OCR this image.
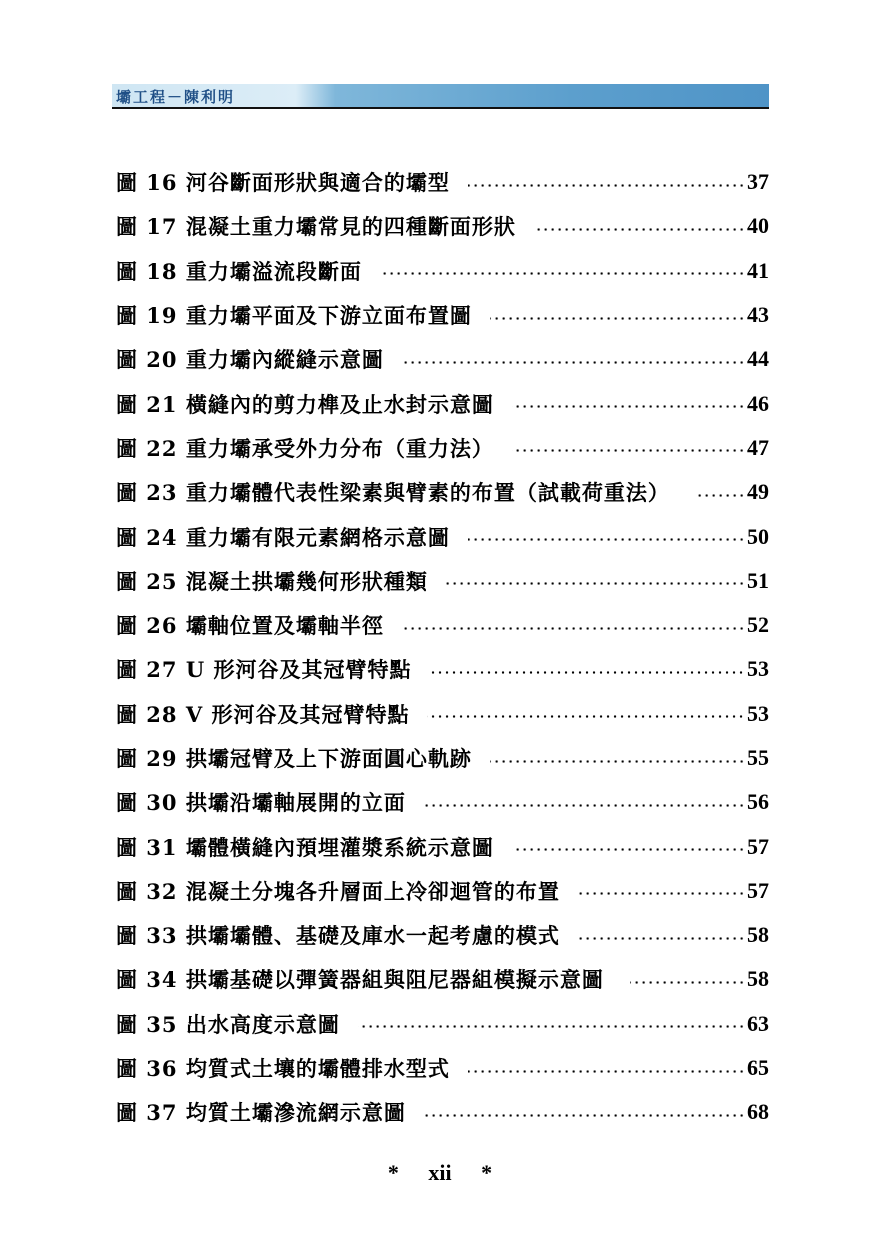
壩工程－陳利明
圖 16 河谷斷面形狀與適合的壩型	37
圖 17 混凝土重力壩常見的四種斷面形狀	40
圖 18 重力壩溢流段斷面	41
圖 19 重力壩平面及下游立面布置圖	43
圖 20 重力壩內縱縫示意圖	44
圖 21 橫縫內的剪力榫及止水封示意圖	46
圖 22 重力壩承受外力分布（重力法）	47
圖 23 重力壩體代表性梁素與臂素的布置（試載荷重法）	49
圖 24 重力壩有限元素網格示意圖	50
圖 25 混凝土拱壩幾何形狀種類	51
圖 26 壩軸位置及壩軸半徑	52
圖 27 U 形河谷及其冠臂特點	53
圖 28 V 形河谷及其冠臂特點	53
圖 29 拱壩冠臂及上下游面圓心軌跡	55
圖 30 拱壩沿壩軸展開的立面	56
圖 31 壩體橫縫內預埋灌漿系統示意圖	57
圖 32 混凝土分塊各升層面上冷卻迴管的布置	57
圖 33 拱壩壩體、基礎及庫水一起考慮的模式	58
圖 34 拱壩基礎以彈簧器組與阻尼器組模擬示意圖	58
圖 35 出水高度示意圖	63
圖 36 均質式土壤的壩體排水型式	65
圖 37 均質土壩滲流網示意圖	68
* xii *
